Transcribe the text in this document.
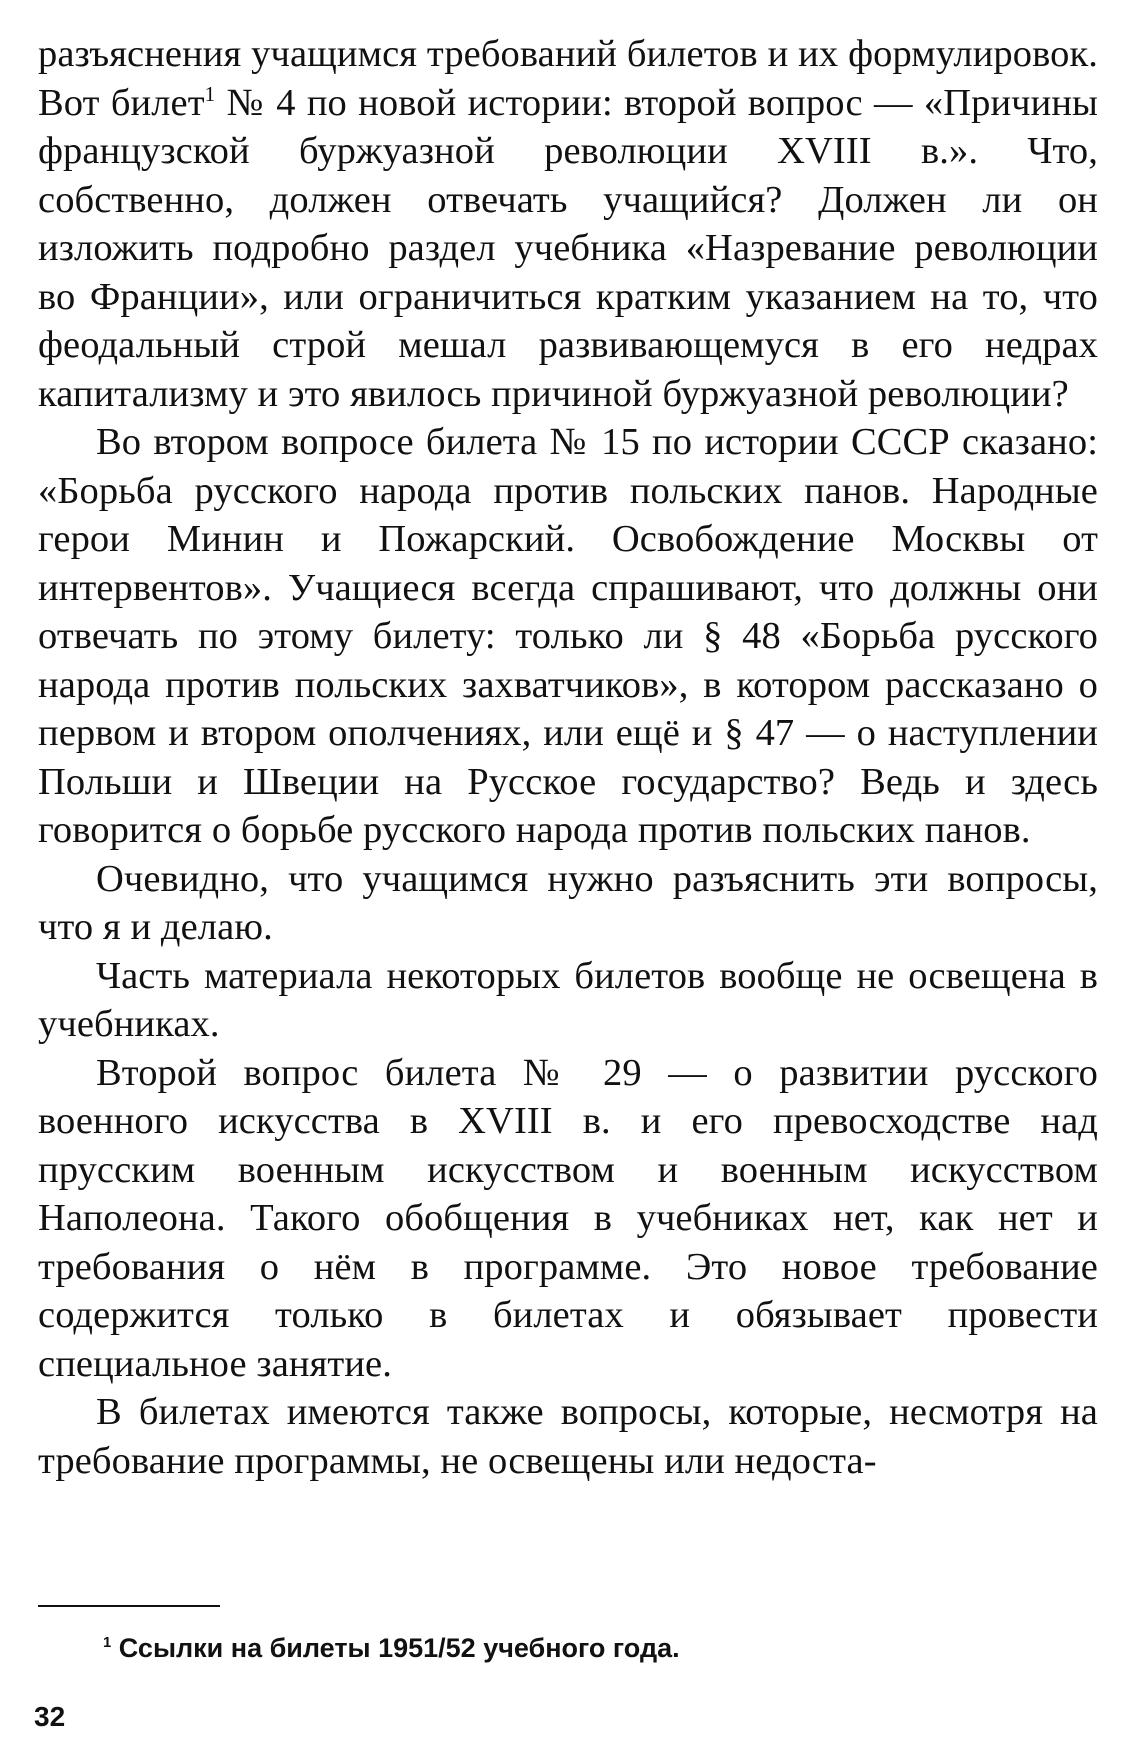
разъяснения учащимся требований билетов и их формулировок. Вот билет$^1$ № 4 по новой истории: второй вопрос — «Причины французской буржуазной революции XVIII в.». Что, собственно, должен отвечать учащийся? Должен ли он изложить подробно раздел учебника «Назревание революции во Франции», или ограничиться кратким указанием на то, что феодальный строй мешал развивающемуся в его недрах капитализму и это явилось причиной буржуазной революции?

Во втором вопросе билета № 15 по истории СССР сказано: «Борьба русского народа против польских панов. Народные герои Минин и Пожарский. Освобождение Москвы от интервентов». Учащиеся всегда спрашивают, что должны они отвечать по этому билету: только ли § 48 «Борьба русского народа против польских захватчиков», в котором рассказано о первом и втором ополчениях, или ещё и § 47 — о наступлении Польши и Швеции на Русское государство? Ведь и здесь говорится о борьбе русского народа против польских панов.

Очевидно, что учащимся нужно разъяснить эти вопросы, что я и делаю.

Часть материала некоторых билетов вообще не освещена в учебниках.

Второй вопрос билета № 29 — о развитии русского военного искусства в XVIII в. и его превосходстве над прусским военным искусством и военным искусством Наполеона. Такого обобщения в учебниках нет, как нет и требования о нём в программе. Это новое требование содержится только в билетах и обязывает провести специальное занятие.

В билетах имеются также вопросы, которые, несмотря на требование программы, не освещены или недоста-

$^1$ Ссылки на билеты 1951/52 учебного года.
32
